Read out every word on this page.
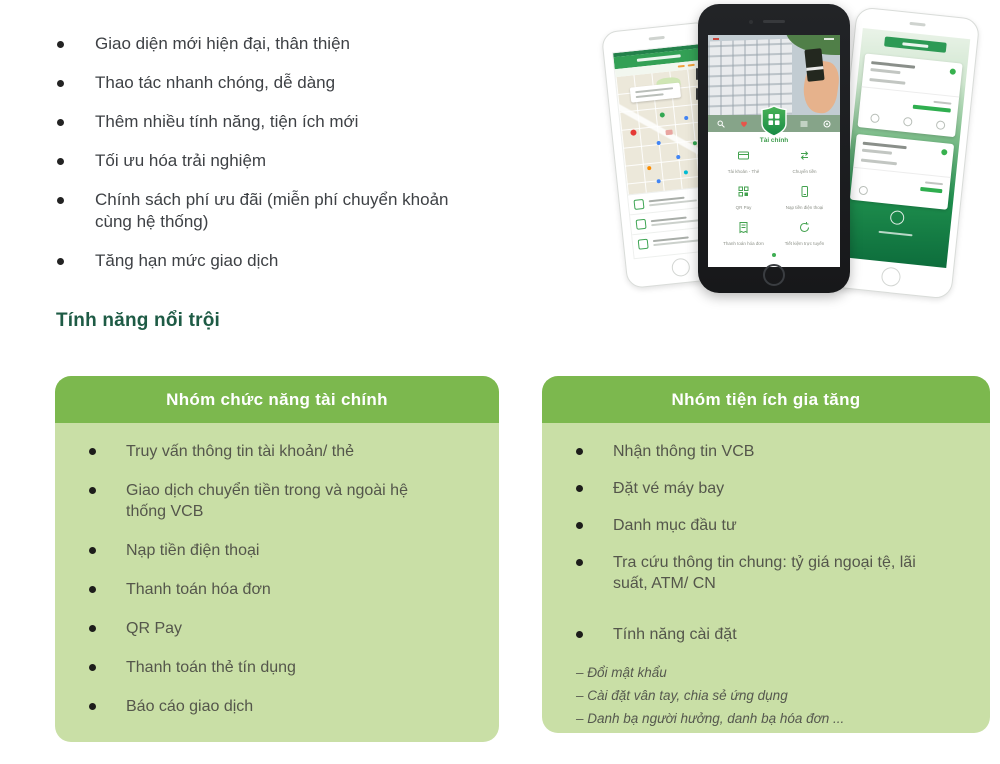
Giao diện mới hiện đại, thân thiện
Thao tác nhanh chóng, dễ dàng
Thêm nhiều tính năng, tiện ích mới
Tối ưu hóa trải nghiệm
Chính sách phí ưu đãi (miễn phí chuyển khoản cùng hệ thống)
Tăng hạn mức giao dịch
Tài chính
Tài khoản - Thẻ	Chuyển tiền
QR Pay	Nạp tiền điện thoại
Thanh toán hóa đơn	Tiết kiệm trực tuyến
Tính năng nổi trội
Nhóm chức năng tài chính
Truy vấn thông tin tài khoản/ thẻ
Giao dịch chuyển tiền trong và ngoài hệ thống VCB
Nạp tiền điện thoại
Thanh toán hóa đơn
QR Pay
Thanh toán thẻ tín dụng
Báo cáo giao dịch
Nhóm tiện ích gia tăng
Nhận thông tin VCB
Đặt vé máy bay
Danh mục đầu tư
Tra cứu thông tin chung: tỷ giá ngoại tệ, lãi suất, ATM/ CN
Tính năng cài đặt
– Đổi mật khẩu
– Cài đặt vân tay, chia sẻ ứng dụng
– Danh bạ người hưởng, danh bạ hóa đơn ...
